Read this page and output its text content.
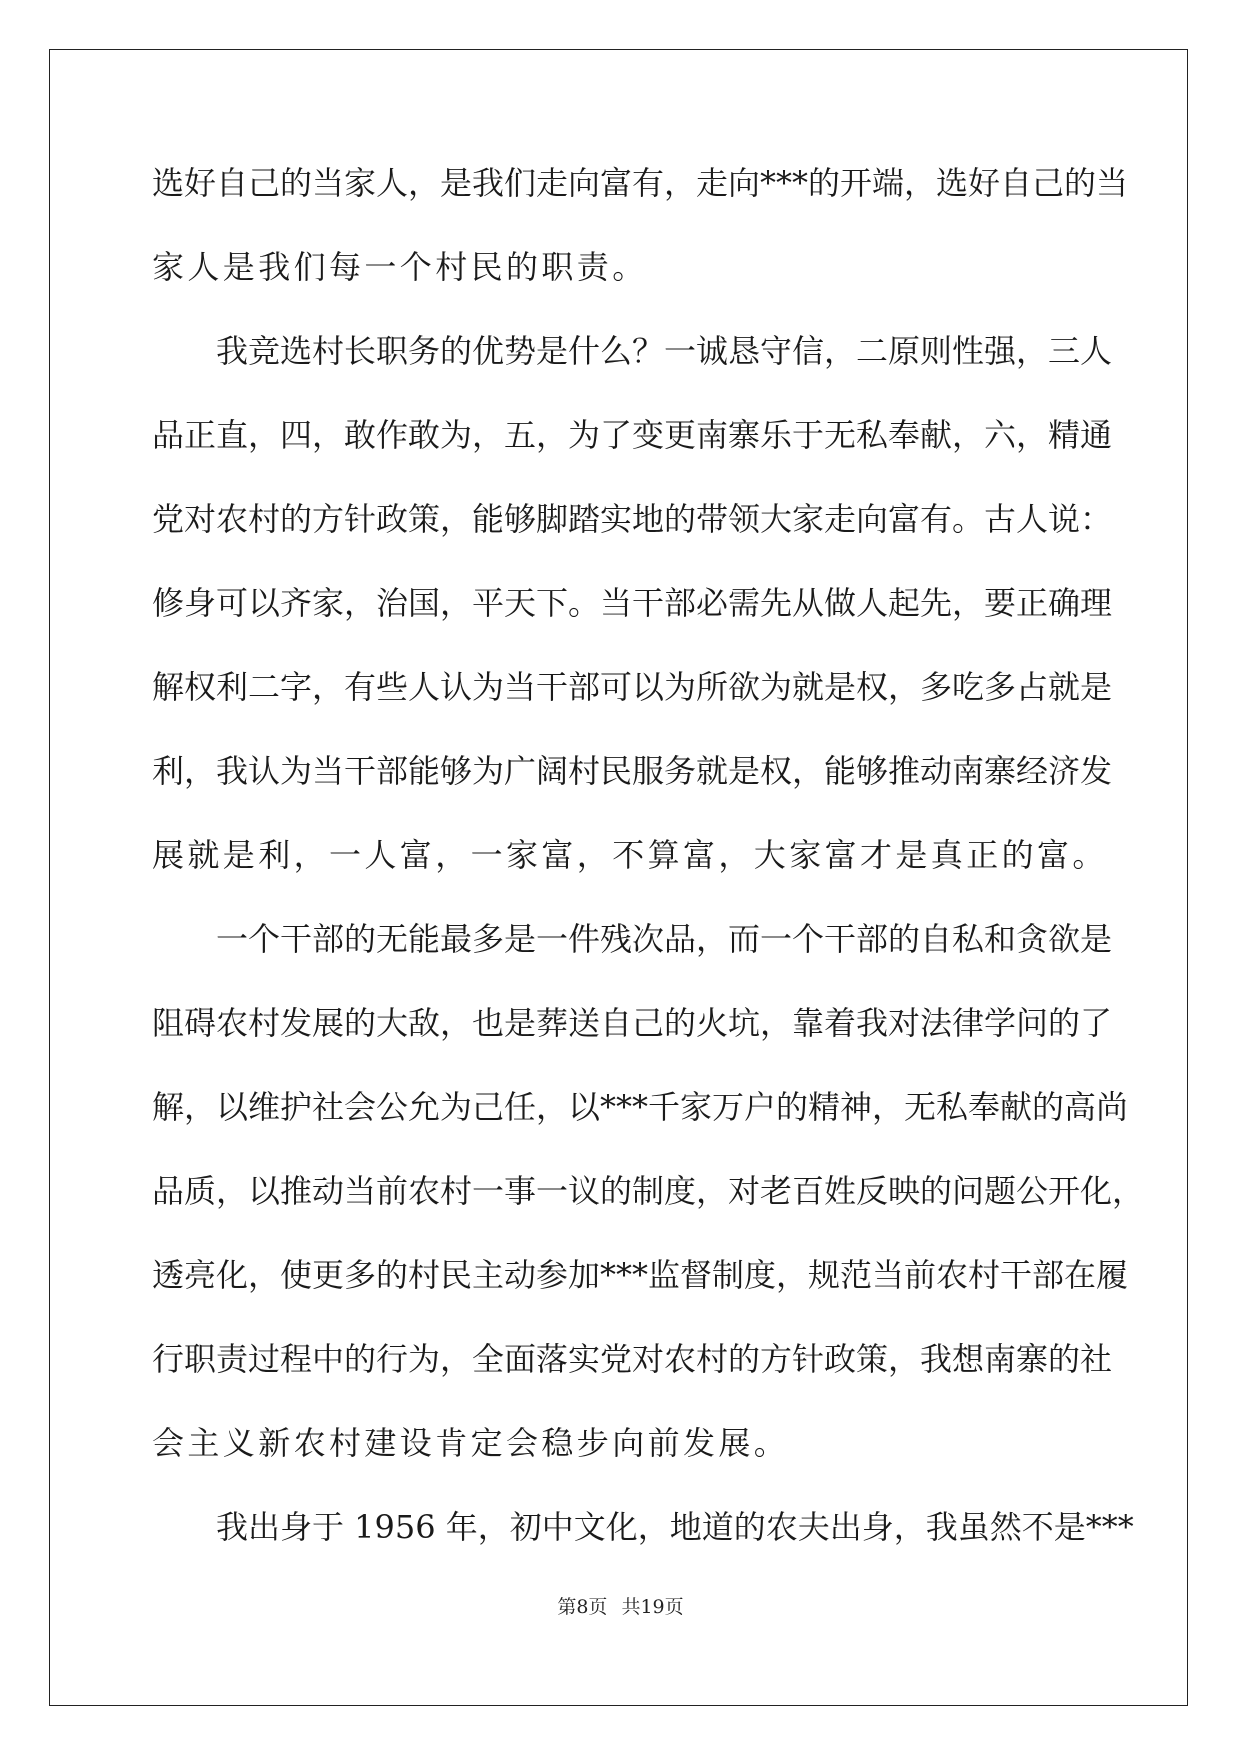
选好自己的当家人，是我们走向富有，走向***的开端，选好自己的当
家人是我们每一个村民的职责。
我竞选村长职务的优势是什么？一诚恳守信，二原则性强，三人
品正直，四，敢作敢为，五，为了变更南寨乐于无私奉献，六，精通
党对农村的方针政策，能够脚踏实地的带领大家走向富有。古人说：
修身可以齐家，治国，平天下。当干部必需先从做人起先，要正确理
解权利二字，有些人认为当干部可以为所欲为就是权，多吃多占就是
利，我认为当干部能够为广阔村民服务就是权，能够推动南寨经济发
展就是利，一人富，一家富，不算富，大家富才是真正的富。
一个干部的无能最多是一件残次品，而一个干部的自私和贪欲是
阻碍农村发展的大敌，也是葬送自己的火坑，靠着我对法律学问的了
解，以维护社会公允为己任，以***千家万户的精神，无私奉献的高尚
品质，以推动当前农村一事一议的制度，对老百姓反映的问题公开化，
透亮化，使更多的村民主动参加***监督制度，规范当前农村干部在履
行职责过程中的行为，全面落实党对农村的方针政策，我想南寨的社
会主义新农村建设肯定会稳步向前发展。
我出身于 1956 年，初中文化，地道的农夫出身，我虽然不是***
第8页 共19页
